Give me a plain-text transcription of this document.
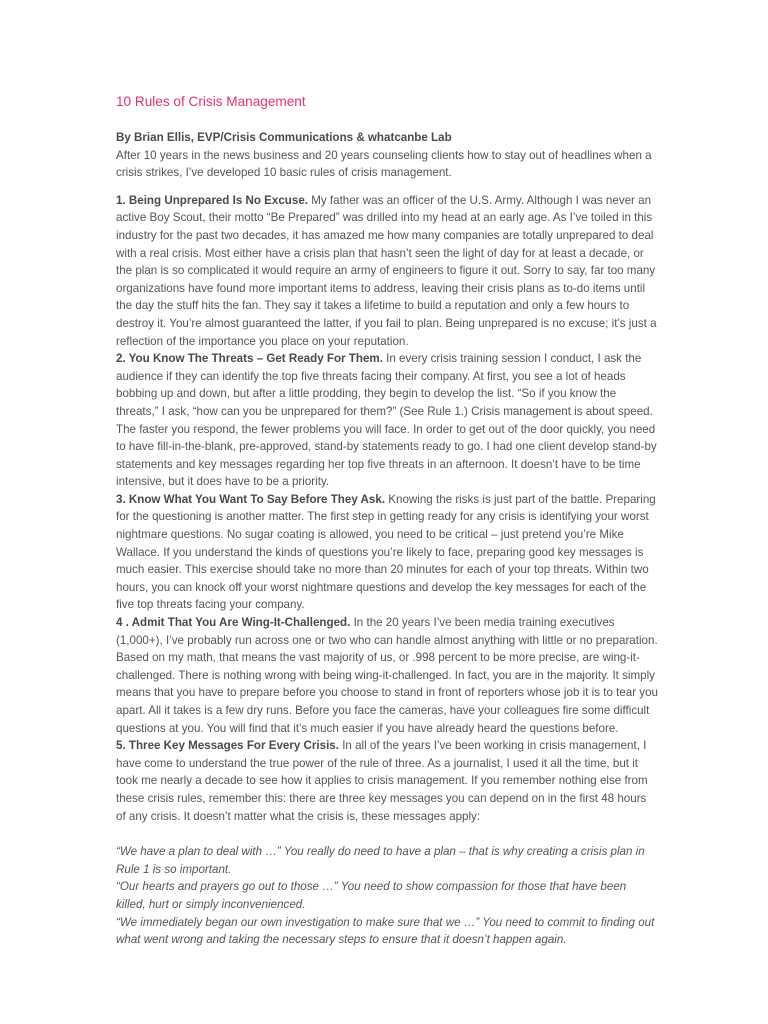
10 Rules of Crisis Management
By Brian Ellis, EVP/Crisis Communications & whatcanbe Lab
After 10 years in the news business and 20 years counseling clients how to stay out of headlines when a crisis strikes, I’ve developed 10 basic rules of crisis management.

1. Being Unprepared Is No Excuse. My father was an officer of the U.S. Army. Although I was never an active Boy Scout, their motto “Be Prepared” was drilled into my head at an early age. As I’ve toiled in this industry for the past two decades, it has amazed me how many companies are totally unprepared to deal with a real crisis. Most either have a crisis plan that hasn’t seen the light of day for at least a decade, or the plan is so complicated it would require an army of engineers to figure it out. Sorry to say, far too many organizations have found more important items to address, leaving their crisis plans as to-do items until the day the stuff hits the fan. They say it takes a lifetime to build a reputation and only a few hours to destroy it. You’re almost guaranteed the latter, if you fail to plan. Being unprepared is no excuse; it’s just a reflection of the importance you place on your reputation.

2. You Know The Threats – Get Ready For Them. In every crisis training session I conduct, I ask the audience if they can identify the top five threats facing their company. At first, you see a lot of heads bobbing up and down, but after a little prodding, they begin to develop the list. “So if you know the threats,” I ask, “how can you be unprepared for them?” (See Rule 1.) Crisis management is about speed. The faster you respond, the fewer problems you will face. In order to get out of the door quickly, you need to have fill-in-the-blank, pre-approved, stand-by statements ready to go. I had one client develop stand-by statements and key messages regarding her top five threats in an afternoon. It doesn’t have to be time intensive, but it does have to be a priority.

3. Know What You Want To Say Before They Ask. Knowing the risks is just part of the battle. Preparing for the questioning is another matter. The first step in getting ready for any crisis is identifying your worst nightmare questions. No sugar coating is allowed, you need to be critical – just pretend you’re Mike Wallace. If you understand the kinds of questions you’re likely to face, preparing good key messages is much easier. This exercise should take no more than 20 minutes for each of your top threats. Within two hours, you can knock off your worst nightmare questions and develop the key messages for each of the five top threats facing your company.

4 . Admit That You Are Wing-It-Challenged. In the 20 years I’ve been media training executives (1,000+), I’ve probably run across one or two who can handle almost anything with little or no preparation. Based on my math, that means the vast majority of us, or .998 percent to be more precise, are wing-it-challenged. There is nothing wrong with being wing-it-challenged. In fact, you are in the majority. It simply means that you have to prepare before you choose to stand in front of reporters whose job it is to tear you apart. All it takes is a few dry runs. Before you face the cameras, have your colleagues fire some difficult questions at you. You will find that it’s much easier if you have already heard the questions before.

5. Three Key Messages For Every Crisis. In all of the years I’ve been working in crisis management, I have come to understand the true power of the rule of three. As a journalist, I used it all the time, but it took me nearly a decade to see how it applies to crisis management. If you remember nothing else from these crisis rules, remember this: there are three key messages you can depend on in the first 48 hours of any crisis. It doesn’t matter what the crisis is, these messages apply:

“We have a plan to deal with …” You really do need to have a plan – that is why creating a crisis plan in Rule 1 is so important.

“Our hearts and prayers go out to those …” You need to show compassion for those that have been killed, hurt or simply inconvenienced.

“We immediately began our own investigation to make sure that we …” You need to commit to finding out what went wrong and taking the necessary steps to ensure that it doesn’t happen again.
